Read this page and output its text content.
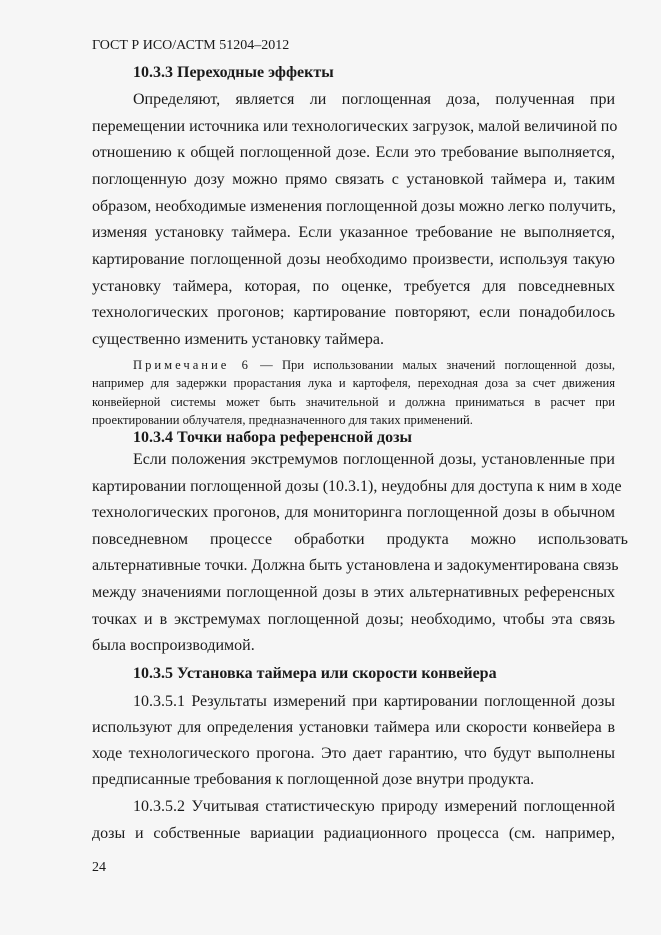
ГОСТ Р ИСО/АСТМ 51204–2012
10.3.3 Переходные эффекты
Определяют, является ли поглощенная доза, полученная при
перемещении источника или технологических загрузок, малой величиной по
отношению к общей поглощенной дозе. Если это требование выполняется,
поглощенную дозу можно прямо связать с установкой таймера и, таким
образом, необходимые изменения поглощенной дозы можно легко получить,
изменяя установку таймера. Если указанное требование не выполняется,
картирование поглощенной дозы необходимо произвести, используя такую
установку таймера, которая, по оценке, требуется для повседневных
технологических прогонов; картирование повторяют, если понадобилось
существенно изменить установку таймера.
Примечание 6 — При использовании малых значений поглощенной дозы,
например для задержки прорастания лука и картофеля, переходная доза за счет движения
конвейерной системы может быть значительной и должна приниматься в расчет при
проектировании облучателя, предназначенного для таких применений.
10.3.4 Точки набора референсной дозы
Если положения экстремумов поглощенной дозы, установленные при
картировании поглощенной дозы (10.3.1), неудобны для доступа к ним в ходе
технологических прогонов, для мониторинга поглощенной дозы в обычном
повседневном процессе обработки продукта можно использовать
альтернативные точки. Должна быть установлена и задокументирована связь
между значениями поглощенной дозы в этих альтернативных референсных
точках и в экстремумах поглощенной дозы; необходимо, чтобы эта связь
была воспроизводимой.
10.3.5 Установка таймера или скорости конвейера
10.3.5.1 Результаты измерений при картировании поглощенной дозы
используют для определения установки таймера или скорости конвейера в
ходе технологического прогона. Это дает гарантию, что будут выполнены
предписанные требования к поглощенной дозе внутри продукта.
10.3.5.2 Учитывая статистическую природу измерений поглощенной
дозы и собственные вариации радиационного процесса (см. например,
24
